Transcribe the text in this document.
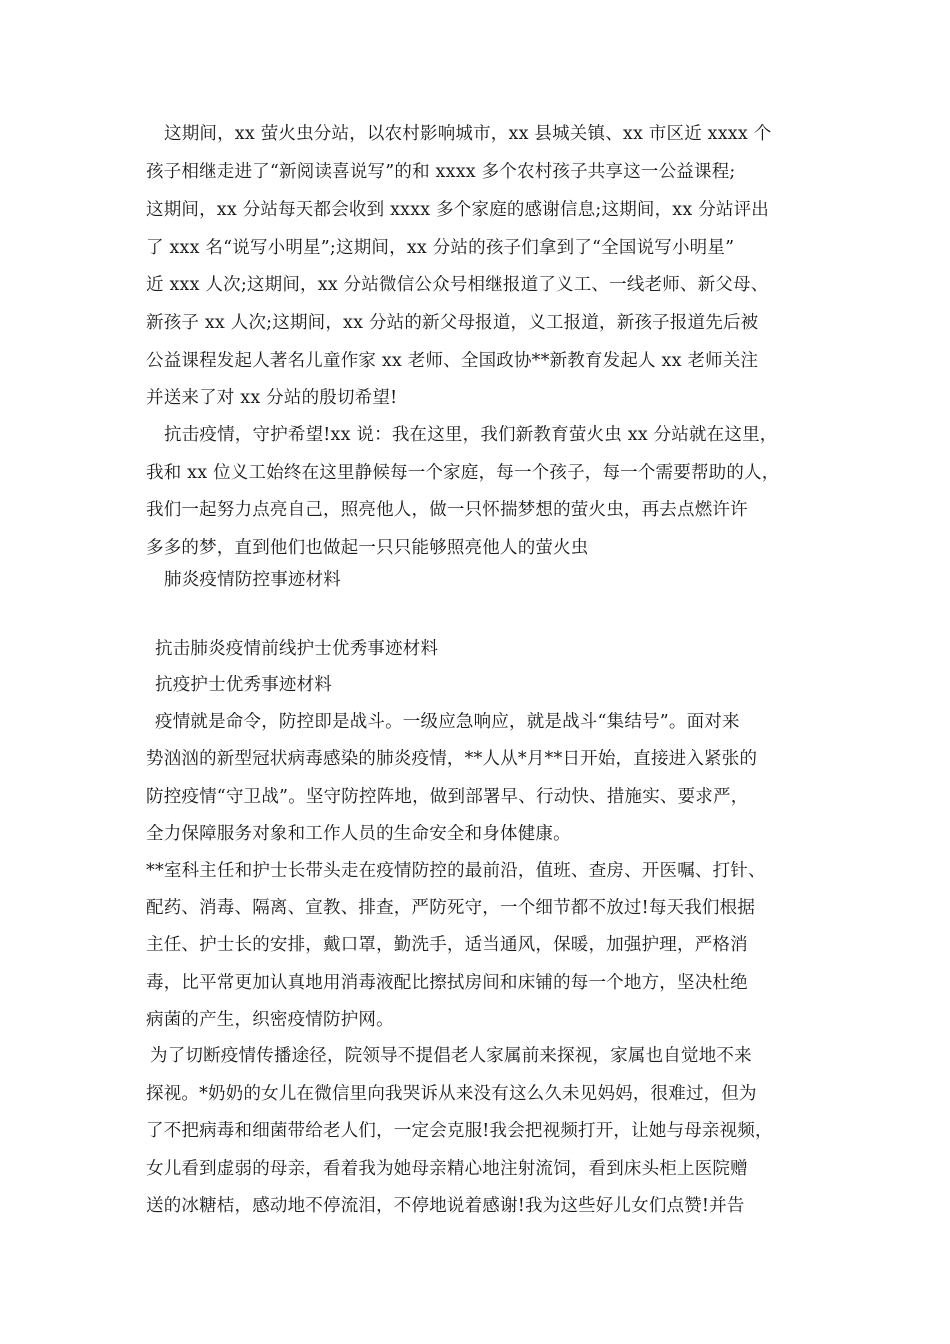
这期间，xx 萤火虫分站，以农村影响城市，xx 县城关镇、xx 市区近 xxxx 个
孩子相继走进了“新阅读喜说写”的和 xxxx 多个农村孩子共享这一公益课程;
这期间，xx 分站每天都会收到 xxxx 多个家庭的感谢信息;这期间，xx 分站评出
了 xxx 名“说写小明星”;这期间，xx 分站的孩子们拿到了“全国说写小明星”
近 xxx 人次;这期间，xx 分站微信公众号相继报道了义工、一线老师、新父母、
新孩子 xx 人次;这期间，xx 分站的新父母报道，义工报道，新孩子报道先后被
公益课程发起人著名儿童作家 xx 老师、全国政协**新教育发起人 xx 老师关注
并送来了对 xx 分站的殷切希望!
抗击疫情，守护希望!xx 说：我在这里，我们新教育萤火虫 xx 分站就在这里，
我和 xx 位义工始终在这里静候每一个家庭，每一个孩子，每一个需要帮助的人，
我们一起努力点亮自己，照亮他人，做一只怀揣梦想的萤火虫，再去点燃许许
多多的梦，直到他们也做起一只只能够照亮他人的萤火虫
肺炎疫情防控事迹材料
抗击肺炎疫情前线护士优秀事迹材料
抗疫护士优秀事迹材料
疫情就是命令，防控即是战斗。一级应急响应，就是战斗“集结号”。面对来
势汹汹的新型冠状病毒感染的肺炎疫情，**人从*月**日开始，直接进入紧张的
防控疫情“守卫战”。坚守防控阵地，做到部署早、行动快、措施实、要求严，
全力保障服务对象和工作人员的生命安全和身体健康。
**室科主任和护士长带头走在疫情防控的最前沿，值班、查房、开医嘱、打针、
配药、消毒、隔离、宣教、排查，严防死守，一个细节都不放过!每天我们根据
主任、护士长的安排，戴口罩，勤洗手，适当通风，保暖，加强护理，严格消
毒，比平常更加认真地用消毒液配比擦拭房间和床铺的每一个地方，坚决杜绝
病菌的产生，织密疫情防护网。
为了切断疫情传播途径，院领导不提倡老人家属前来探视，家属也自觉地不来
探视。*奶奶的女儿在微信里向我哭诉从来没有这么久未见妈妈，很难过，但为
了不把病毒和细菌带给老人们，一定会克服!我会把视频打开，让她与母亲视频，
女儿看到虚弱的母亲，看着我为她母亲精心地注射流饲，看到床头柜上医院赠
送的冰糖桔，感动地不停流泪，不停地说着感谢!我为这些好儿女们点赞!并告
